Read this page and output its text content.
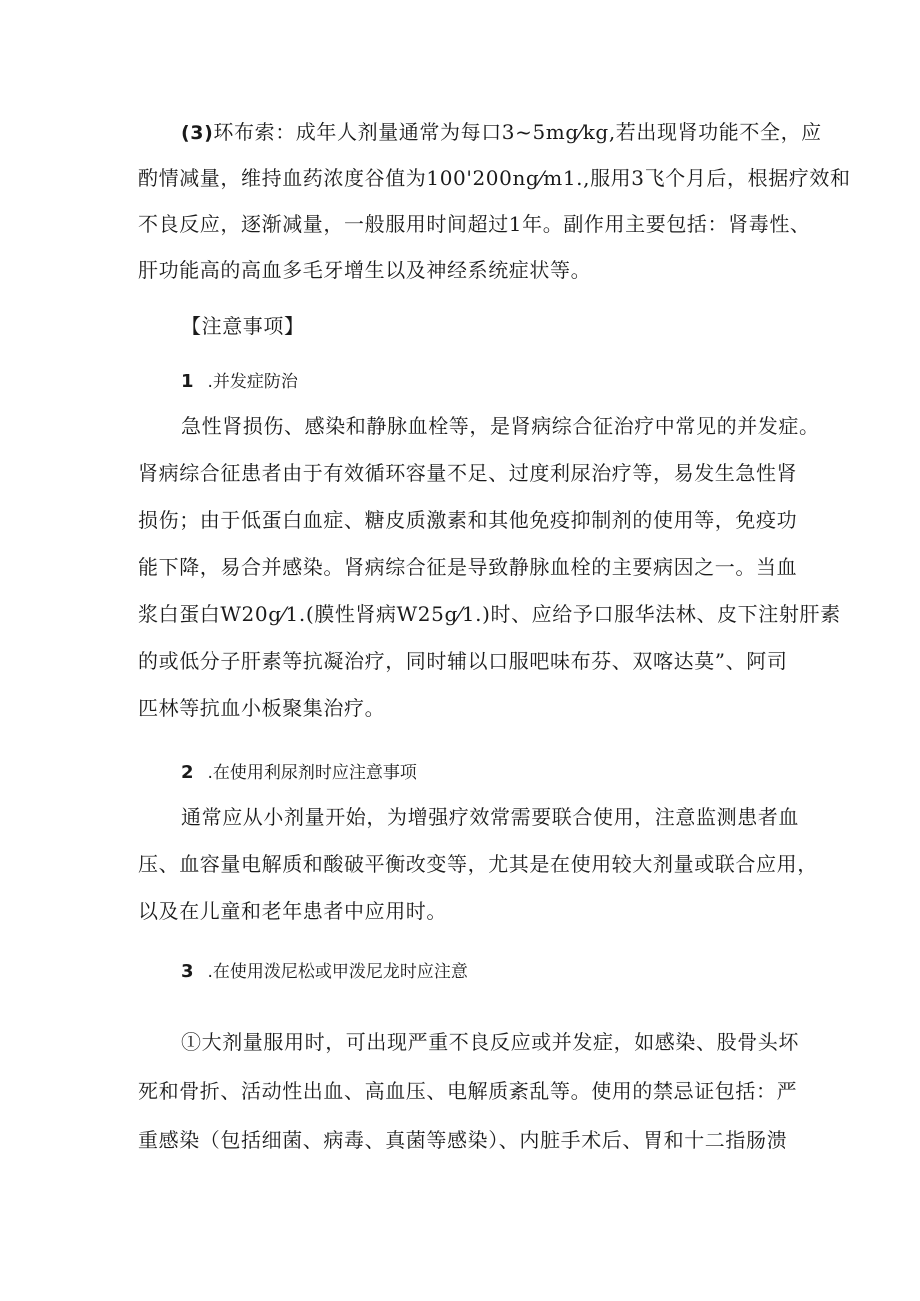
(3)环布索：成年人剂量通常为每口3~5mg⁄kg,若出现肾功能不全，应
酌情减量，维持血药浓度谷值为100'200ng⁄m1.,服用3飞个月后，根据疗效和
不良反应，逐渐减量，一般服用时间超过1年。副作用主要包括：肾毒性、
肝功能高的高血多毛牙增生以及神经系统症状等。
【注意事项】
1 .并发症防治
急性肾损伤、感染和静脉血栓等，是肾病综合征治疗中常见的并发症。
肾病综合征患者由于有效循环容量不足、过度利尿治疗等，易发生急性肾
损伤；由于低蛋白血症、糖皮质激素和其他免疫抑制剂的使用等，免疫功
能下降，易合并感染。肾病综合征是导致静脉血栓的主要病因之一。当血
浆白蛋白W20g⁄1.(膜性肾病W25g⁄1.)时、应给予口服华法林、皮下注射肝素
的或低分子肝素等抗凝治疗，同时辅以口服吧味布芬、双喀达莫”、阿司
匹林等抗血小板聚集治疗。
2 .在使用利尿剂时应注意事项
通常应从小剂量开始，为增强疗效常需要联合使用，注意监测患者血
压、血容量电解质和酸破平衡改变等，尤其是在使用较大剂量或联合应用，
以及在儿童和老年患者中应用时。
3 .在使用泼尼松或甲泼尼龙时应注意
①大剂量服用时，可出现严重不良反应或并发症，如感染、股骨头坏
死和骨折、活动性出血、高血压、电解质紊乱等。使用的禁忌证包括：严
重感染（包括细菌、病毒、真菌等感染）、内脏手术后、胃和十二指肠溃
